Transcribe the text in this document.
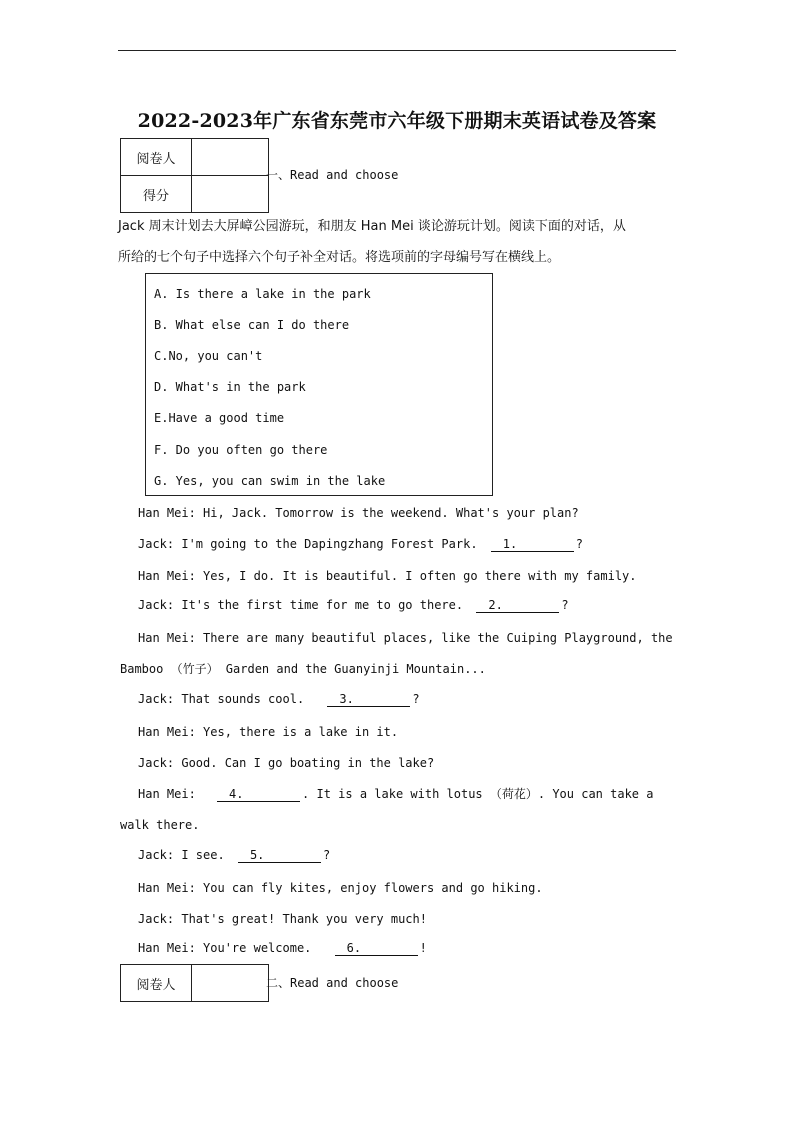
2022-2023年广东省东莞市六年级下册期末英语试卷及答案
阅卷人	
得分	
一、Read and choose
Jack 周末计划去大屏嶂公园游玩，和朋友 Han Mei 谈论游玩计划。阅读下面的对话，从
所给的七个句子中选择六个句子补全对话。将选项前的字母编号写在横线上。
A. Is there a lake in the park
B. What else can I do there
C.No, you can't
D. What's in the park
E.Have a good time
F. Do you often go there
G. Yes, you can swim in the lake
Han Mei: Hi, Jack. Tomorrow is the weekend. What's your plan?
Jack: I'm going to the Dapingzhang Forest Park. 1.	?
Han Mei: Yes, I do. It is beautiful. I often go there with my family.
Jack: It's the first time for me to go there. 2.	?
Han Mei: There are many beautiful places, like the Cuiping Playground, the
Bamboo （竹子） Garden and the Guanyinji Mountain...
Jack: That sounds cool.	3.	?
Han Mei: Yes, there is a lake in it.
Jack: Good. Can I go boating in the lake?
Han Mei:	4.	. It is a lake with lotus （荷花）. You can take a
walk there.
Jack: I see. 5.	?
Han Mei: You can fly kites, enjoy flowers and go hiking.
Jack: That's great! Thank you very much!
Han Mei: You're welcome.	6.	!
阅卷人		二、Read and choose
